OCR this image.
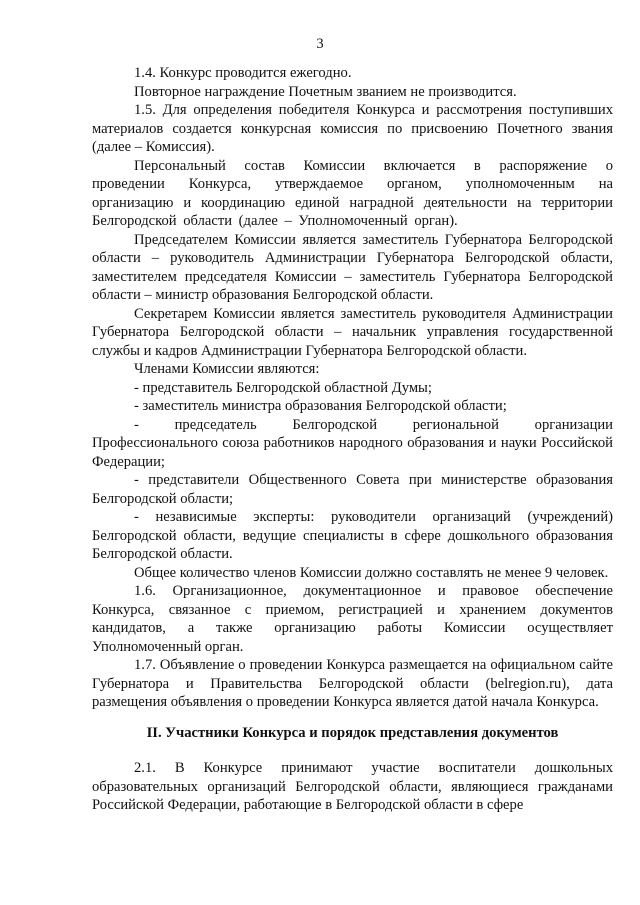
3

1.4. Конкурс проводится ежегодно.

Повторное награждение Почетным званием не производится.

1.5. Для определения победителя Конкурса и рассмотрения поступивших материалов создается конкурсная комиссия по присвоению Почетного звания (далее – Комиссия).

Персональный состав Комиссии включается в распоряжение о проведении Конкурса, утверждаемое органом, уполномоченным на организацию и координацию единой наградной деятельности на территории Белгородской области (далее – Уполномоченный орган).

Председателем Комиссии является заместитель Губернатора Белгородской области – руководитель Администрации Губернатора Белгородской области, заместителем председателя Комиссии – заместитель Губернатора Белгородской области – министр образования Белгородской области.

Секретарем Комиссии является заместитель руководителя Администрации Губернатора Белгородской области – начальник управления государственной службы и кадров Администрации Губернатора Белгородской области.

Членами Комиссии являются:

- представитель Белгородской областной Думы;

- заместитель министра образования Белгородской области;

- председатель Белгородской региональной организации Профессионального союза работников народного образования и науки Российской Федерации;

- представители Общественного Совета при министерстве образования Белгородской области;

- независимые эксперты: руководители организаций (учреждений) Белгородской области, ведущие специалисты в сфере дошкольного образования Белгородской области.

Общее количество членов Комиссии должно составлять не менее 9 человек.

1.6. Организационное, документационное и правовое обеспечение Конкурса, связанное с приемом, регистрацией и хранением документов кандидатов, а также организацию работы Комиссии осуществляет Уполномоченный орган.

1.7. Объявление о проведении Конкурса размещается на официальном сайте Губернатора и Правительства Белгородской области (belregion.ru), дата размещения объявления о проведении Конкурса является датой начала Конкурса.

II. Участники Конкурса и порядок представления документов

2.1. В Конкурсе принимают участие воспитатели дошкольных образовательных организаций Белгородской области, являющиеся гражданами Российской Федерации, работающие в Белгородской области в сфере
